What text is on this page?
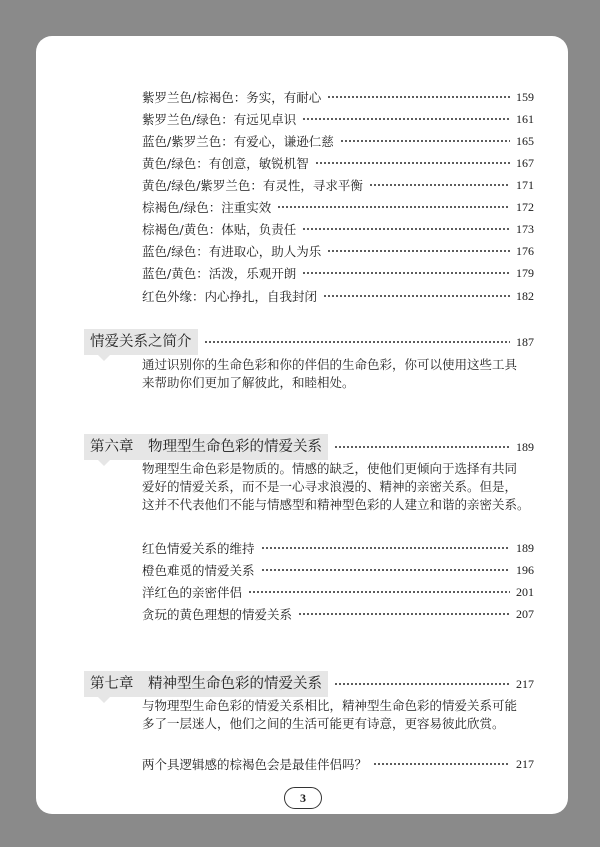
紫罗兰色/棕褐色：务实，有耐心	159
紫罗兰色/绿色：有远见卓识	161
蓝色/紫罗兰色：有爱心，谦逊仁慈	165
黄色/绿色：有创意，敏锐机智	167
黄色/绿色/紫罗兰色：有灵性，寻求平衡	171
棕褐色/绿色：注重实效	172
棕褐色/黄色：体贴，负责任	173
蓝色/绿色：有进取心，助人为乐	176
蓝色/黄色：活泼，乐观开朗	179
红色外缘：内心挣扎，自我封闭	182
情爱关系之简介	187
通过识别你的生命色彩和你的伴侣的生命色彩，你可以使用这些工具
来帮助你们更加了解彼此，和睦相处。
第六章　 物理型生命色彩的情爱关系	189
物理型生命色彩是物质的。情感的缺乏，使他们更倾向于选择有共同
爱好的情爱关系，而不是一心寻求浪漫的、精神的亲密关系。但是，
这并不代表他们不能与情感型和精神型色彩的人建立和谐的亲密关系。
红色情爱关系的维持	189
橙色难觅的情爱关系	196
洋红色的亲密伴侣	201
贪玩的黄色理想的情爱关系	207
第七章　 精神型生命色彩的情爱关系	217
与物理型生命色彩的情爱关系相比，精神型生命色彩的情爱关系可能
多了一层迷人，他们之间的生活可能更有诗意，更容易彼此欣赏。
两个具逻辑感的棕褐色会是最佳伴侣吗？	217
3
